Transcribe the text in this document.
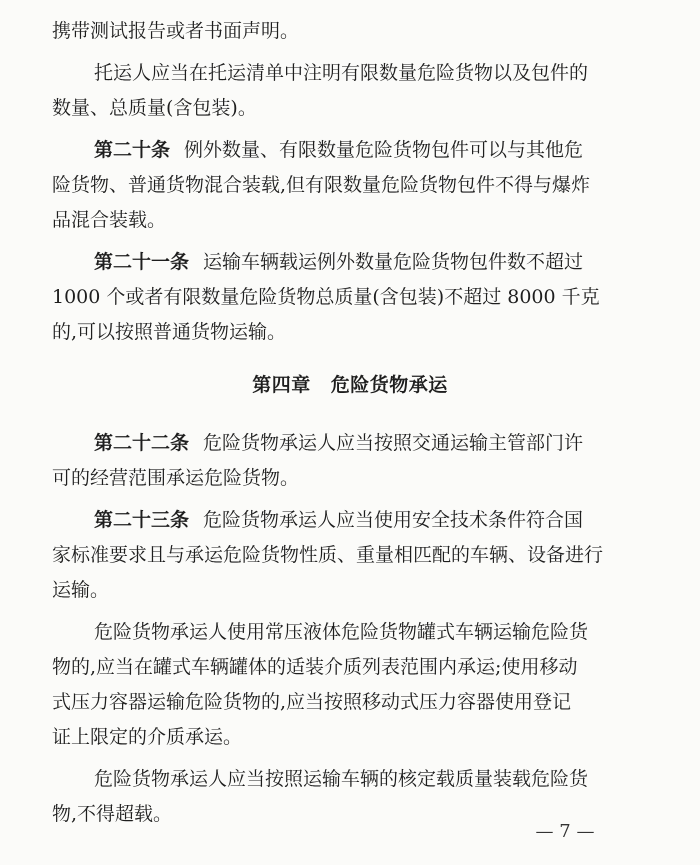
携带测试报告或者书面声明。
托运人应当在托运清单中注明有限数量危险货物以及包件的
数量、总质量(含包装)。
第二十条 例外数量、有限数量危险货物包件可以与其他危
险货物、普通货物混合装载,但有限数量危险货物包件不得与爆炸
品混合装载。
第二十一条 运输车辆载运例外数量危险货物包件数不超过
1000 个或者有限数量危险货物总质量(含包装)不超过 8000 千克
的,可以按照普通货物运输。
第四章 危险货物承运
第二十二条 危险货物承运人应当按照交通运输主管部门许
可的经营范围承运危险货物。
第二十三条 危险货物承运人应当使用安全技术条件符合国
家标准要求且与承运危险货物性质、重量相匹配的车辆、设备进行
运输。
危险货物承运人使用常压液体危险货物罐式车辆运输危险货
物的,应当在罐式车辆罐体的适装介质列表范围内承运;使用移动
式压力容器运输危险货物的,应当按照移动式压力容器使用登记
证上限定的介质承运。
危险货物承运人应当按照运输车辆的核定载质量装载危险货
物,不得超载。
— 7 —
